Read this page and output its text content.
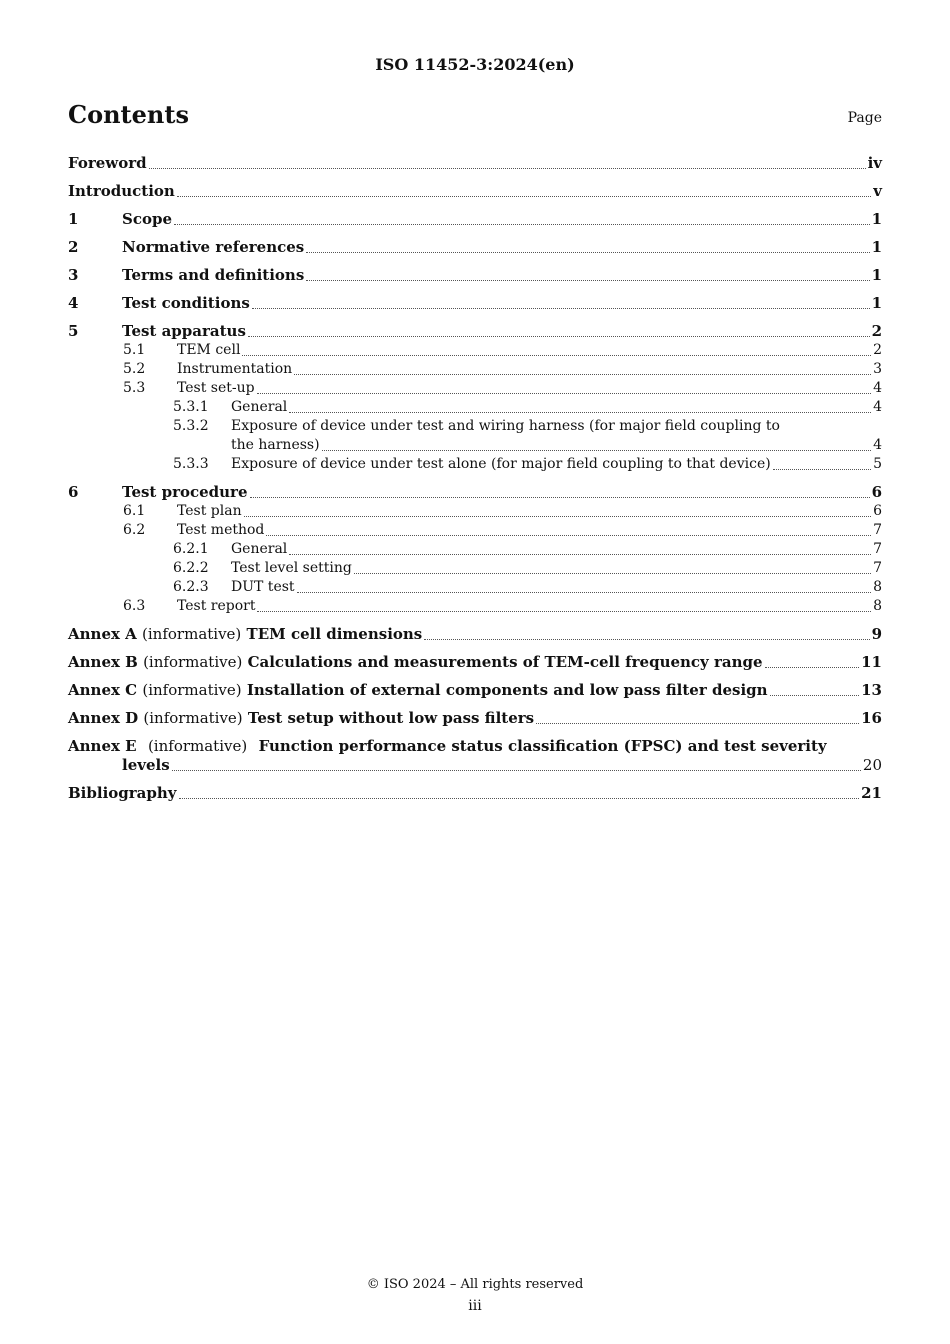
ISO 11452-3:2024(en)
Contents	Page
Foreword	iv
Introduction	v
1	Scope	1
2	Normative references	1
3	Terms and definitions	1
4	Test conditions	1
5	Test apparatus	2
5.1	TEM cell	2
5.2	Instrumentation	3
5.3	Test set-up	4
5.3.1	General	4
5.3.2	Exposure of device under test and wiring harness (for major field coupling to
the harness)	4
5.3.3	Exposure of device under test alone (for major field coupling to that device)	5
6	Test procedure	6
6.1	Test plan	6
6.2	Test method	7
6.2.1	General	7
6.2.2	Test level setting	7
6.2.3	DUT test	8
6.3	Test report	8
Annex A (informative) TEM cell dimensions	9
Annex B (informative) Calculations and measurements of TEM-cell frequency range	11
Annex C (informative) Installation of external components and low pass filter design	13
Annex D (informative) Test setup without low pass filters	16
Annex E (informative) Function performance status classification (FPSC) and test severity
levels	20
Bibliography	21
© ISO 2024 – All rights reserved
iii
